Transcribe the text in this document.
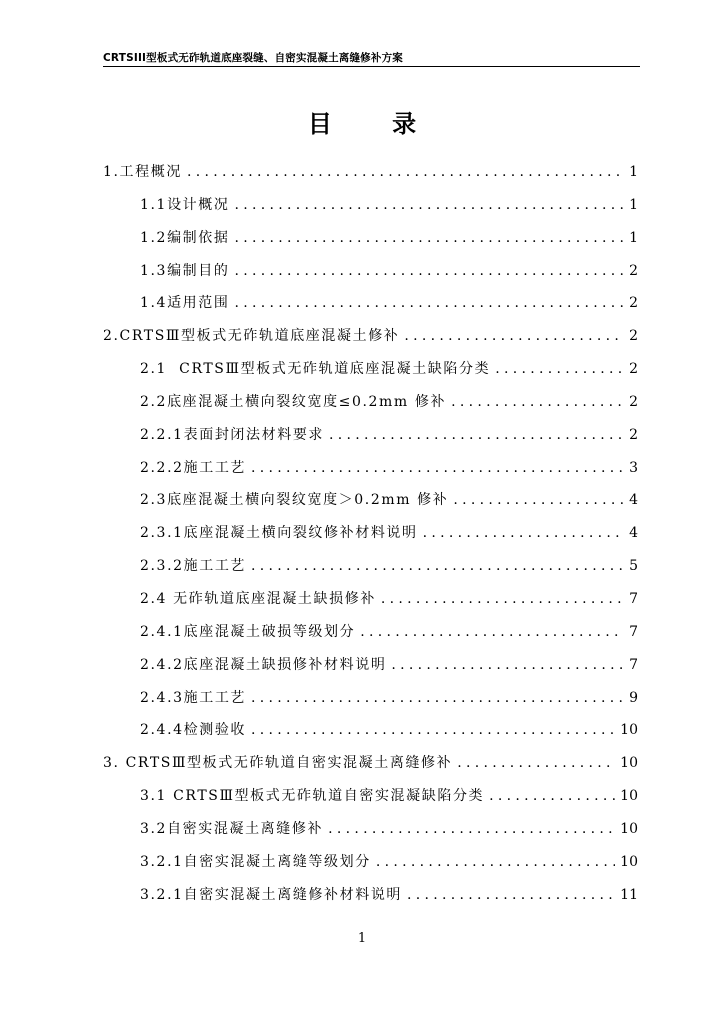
CRTSIII型板式无砟轨道底座裂缝、自密实混凝土离缝修补方案
目 录
1.工程概况 .....	1
1.1设计概况 .....	1
1.2编制依据 .....	1
1.3编制目的 .....	2
1.4适用范围 .....	2
2.CRTSⅢ型板式无砟轨道底座混凝土修补 .....	2
2.1  CRTSⅢ型板式无砟轨道底座混凝土缺陷分类 .....	2
2.2底座混凝土横向裂纹宽度≤0.2mm 修补 .....	2
2.2.1表面封闭法材料要求 .....	2
2.2.2施工工艺 .....	3
2.3底座混凝土横向裂纹宽度＞0.2mm 修补 .....	4
2.3.1底座混凝土横向裂纹修补材料说明 .....	4
2.3.2施工工艺 .....	5
2.4 无砟轨道底座混凝土缺损修补 .....	7
2.4.1底座混凝土破损等级划分 .....	7
2.4.2底座混凝土缺损修补材料说明 .....	7
2.4.3施工工艺 .....	9
2.4.4检测验收 .....	10
3. CRTSⅢ型板式无砟轨道自密实混凝土离缝修补 .....	10
3.1 CRTSⅢ型板式无砟轨道自密实混凝缺陷分类 .....	10
3.2自密实混凝土离缝修补 .....	10
3.2.1自密实混凝土离缝等级划分 .....	10
3.2.1自密实混凝土离缝修补材料说明 .....	11
1
